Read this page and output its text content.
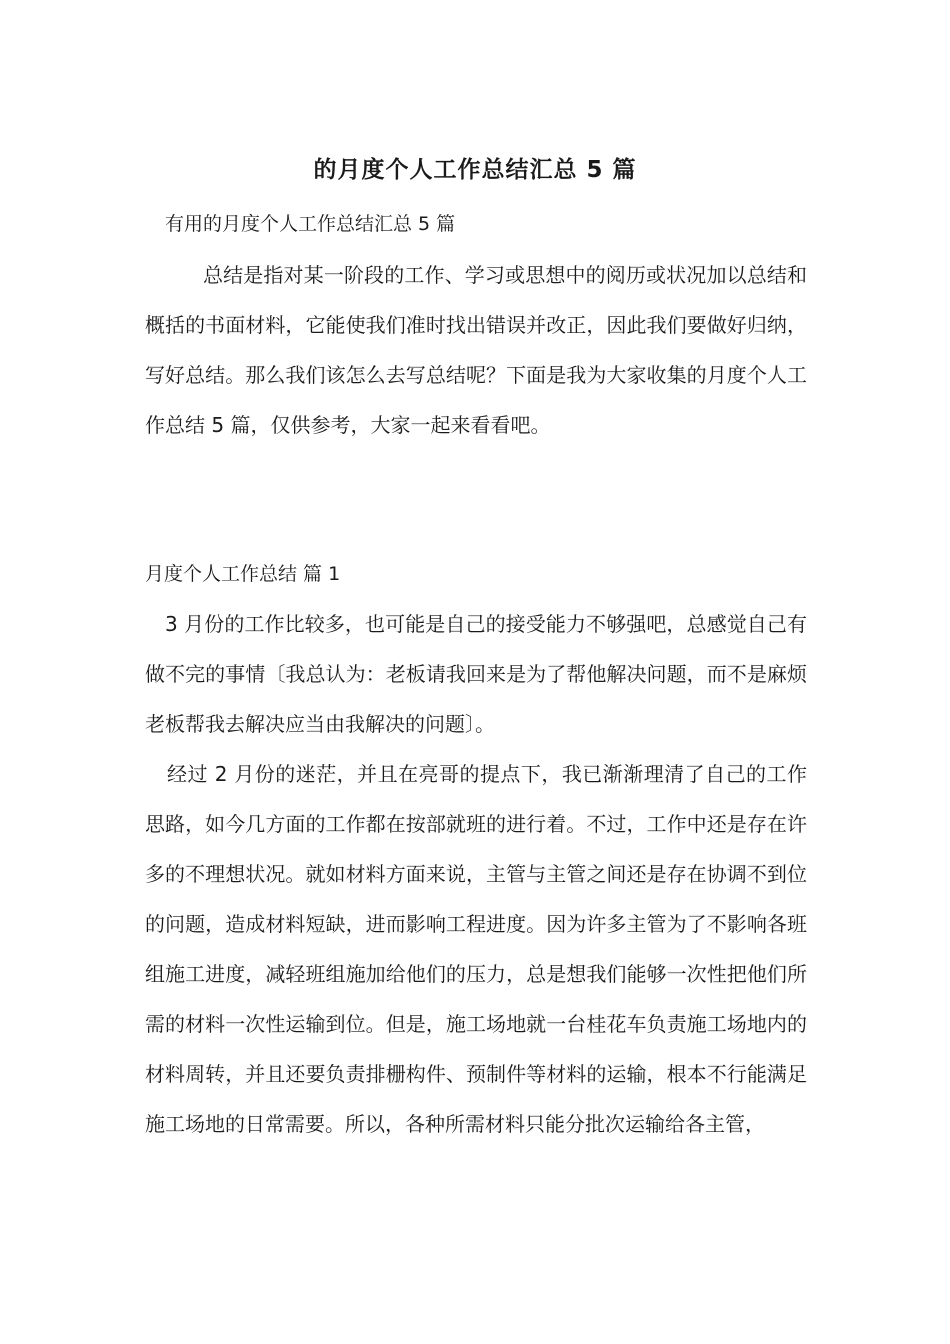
的月度个人工作总结汇总 5 篇
有用的月度个人工作总结汇总 5 篇
总结是指对某一阶段的工作、学习或思想中的阅历或状况加以总结和概括的书面材料，它能使我们准时找出错误并改正，因此我们要做好归纳，写好总结。那么我们该怎么去写总结呢？下面是我为大家收集的月度个人工作总结 5 篇，仅供参考，大家一起来看看吧。
月度个人工作总结 篇 1
3 月份的工作比较多，也可能是自己的接受能力不够强吧，总感觉自己有做不完的事情〔我总认为：老板请我回来是为了帮他解决问题，而不是麻烦老板帮我去解决应当由我解决的问题〕。
经过 2 月份的迷茫，并且在亮哥的提点下，我已渐渐理清了自己的工作思路，如今几方面的工作都在按部就班的进行着。不过，工作中还是存在许多的不理想状况。就如材料方面来说，主管与主管之间还是存在协调不到位的问题，造成材料短缺，进而影响工程进度。因为许多主管为了不影响各班组施工进度，减轻班组施加给他们的压力，总是想我们能够一次性把他们所需的材料一次性运输到位。但是，施工场地就一台桂花车负责施工场地内的材料周转，并且还要负责排栅构件、预制件等材料的运输，根本不行能满足施工场地的日常需要。所以，各种所需材料只能分批次运输给各主管，
